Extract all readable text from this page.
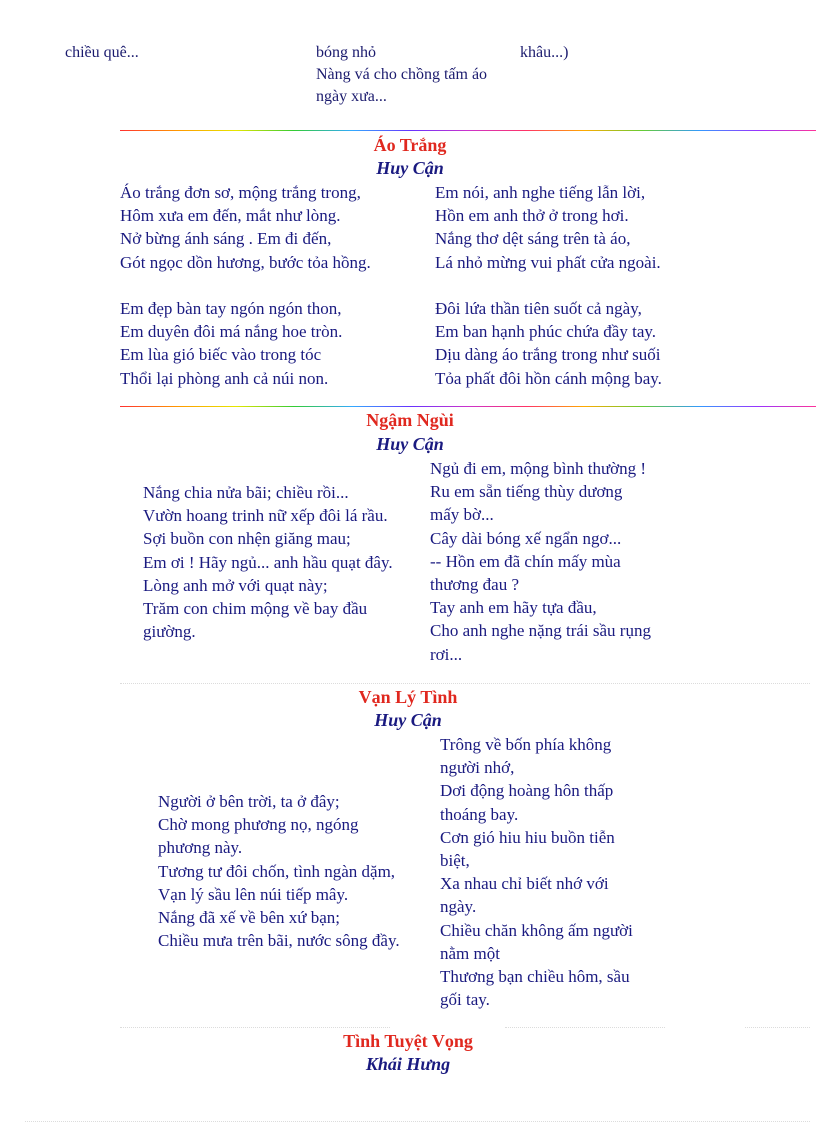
chiều quê...	bóng nhỏ
Nàng vá cho chồng tấm áo
ngày xưa...
khâu...)
Áo Trắng
Huy Cận
Áo trắng đơn sơ, mộng trắng trong,
Hôm xưa em đến, mắt như lòng.
Nở bừng ánh sáng . Em đi đến,
Gót ngọc dồn hương, bước tỏa hồng.
Em đẹp bàn tay ngón ngón thon,
Em duyên đôi má nắng hoe tròn.
Em lùa gió biếc vào trong tóc
Thổi lại phòng anh cả núi non.
Em nói, anh nghe tiếng lẫn lời,
Hồn em anh thở ở trong hơi.
Nắng thơ dệt sáng trên tà áo,
Lá nhỏ mừng vui phất cửa ngoài.
Đôi lứa thần tiên suốt cả ngày,
Em ban hạnh phúc chứa đầy tay.
Dịu dàng áo trắng trong như suối
Tỏa phất đôi hồn cánh mộng bay.
Ngậm Ngùi
Huy Cận
Nắng chia nửa bãi; chiều rồi...
Vườn hoang trinh nữ xếp đôi lá rầu.
Sợi buồn con nhện giăng mau;
Em ơi ! Hãy ngủ... anh hầu quạt đây.
Lòng anh mở với quạt này;
Trăm con chim mộng về bay đầu
giường.
Ngủ đi em, mộng bình thường !
Ru em sẵn tiếng thùy dương
mấy bờ...
Cây dài bóng xế ngẩn ngơ...
-- Hồn em đã chín mấy mùa
thương đau ?
Tay anh em hãy tựa đầu,
Cho anh nghe nặng trái sầu rụng
rơi...
Vạn Lý Tình
Huy Cận
Người ở bên trời, ta ở đây;
Chờ mong phương nọ, ngóng
phương này.
Tương tư đôi chốn, tình ngàn dặm,
Vạn lý sầu lên núi tiếp mây.
Nắng đã xế về bên xứ bạn;
Chiều mưa trên bãi, nước sông đầy.
Trông về bốn phía không
người nhớ,
Dơi động hoàng hôn thấp
thoáng bay.
Cơn gió hiu hiu buồn tiễn
biệt,
Xa nhau chỉ biết nhớ với
ngày.
Chiều chăn không ấm người
nằm một
Thương bạn chiều hôm, sầu
gối tay.
Tình Tuyệt Vọng
Khái Hưng
